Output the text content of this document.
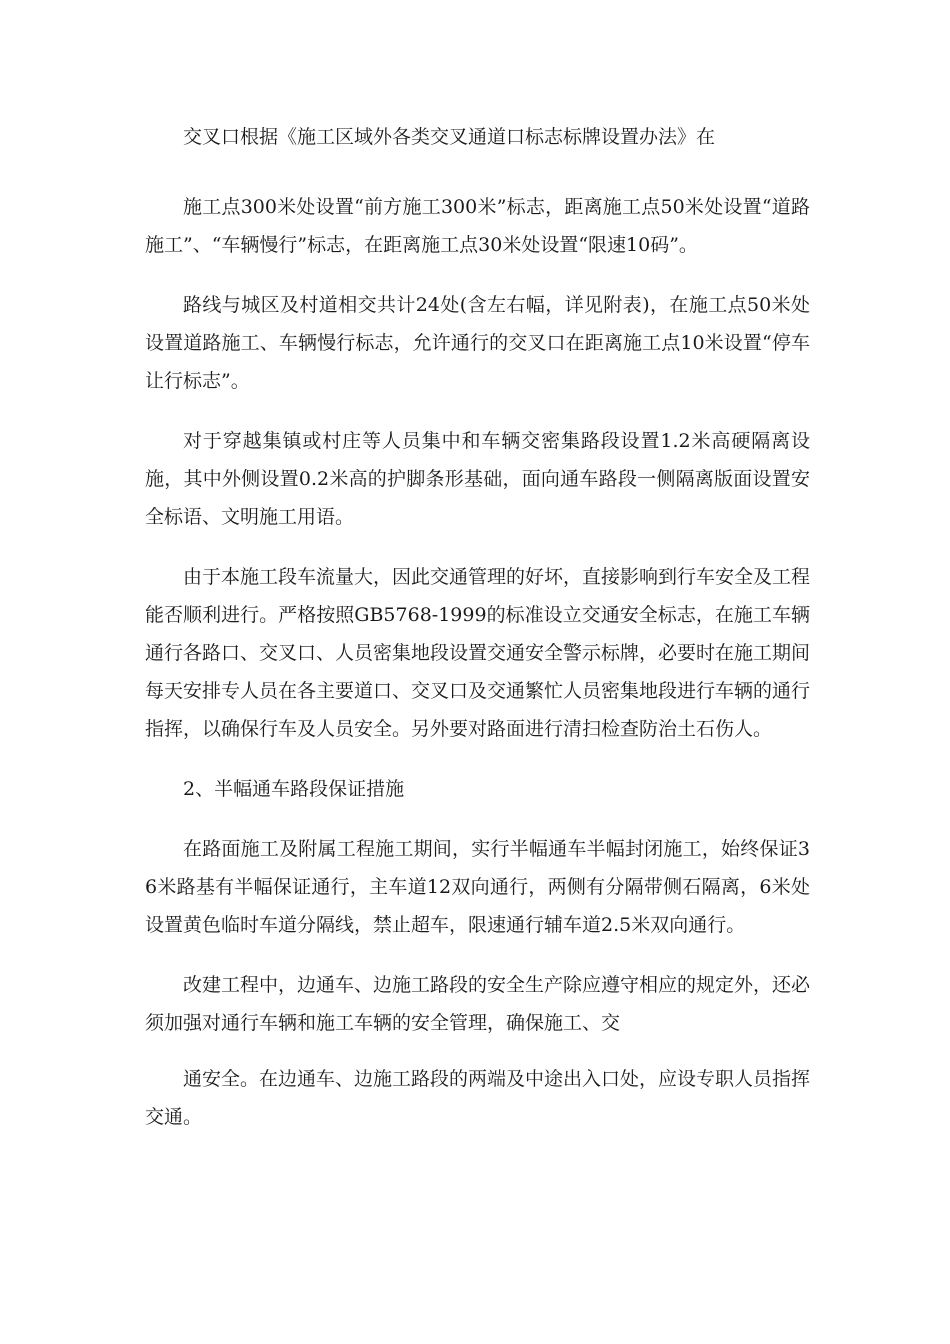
交叉口根据《施工区域外各类交叉通道口标志标牌设置办法》在

施工点300米处设置“前方施工300米”标志，距离施工点50米处设置“道路施工”、“车辆慢行”标志，在距离施工点30米处设置“限速10码”。

路线与城区及村道相交共计24处(含左右幅，详见附表)，在施工点50米处设置道路施工、车辆慢行标志，允许通行的交叉口在距离施工点10米设置“停车让行标志”。

对于穿越集镇或村庄等人员集中和车辆交密集路段设置1.2米高硬隔离设施，其中外侧设置0.2米高的护脚条形基础，面向通车路段一侧隔离版面设置安全标语、文明施工用语。

由于本施工段车流量大，因此交通管理的好坏，直接影响到行车安全及工程能否顺利进行。严格按照GB5768-1999的标准设立交通安全标志，在施工车辆通行各路口、交叉口、人员密集地段设置交通安全警示标牌，必要时在施工期间每天安排专人员在各主要道口、交叉口及交通繁忙人员密集地段进行车辆的通行指挥，以确保行车及人员安全。另外要对路面进行清扫检查防治土石伤人。

2、半幅通车路段保证措施

在路面施工及附属工程施工期间，实行半幅通车半幅封闭施工，始终保证36米路基有半幅保证通行，主车道12双向通行，两侧有分隔带侧石隔离，6米处设置黄色临时车道分隔线，禁止超车，限速通行辅车道2.5米双向通行。

改建工程中，边通车、边施工路段的安全生产除应遵守相应的规定外，还必须加强对通行车辆和施工车辆的安全管理，确保施工、交

通安全。在边通车、边施工路段的两端及中途出入口处，应设专职人员指挥交通。
